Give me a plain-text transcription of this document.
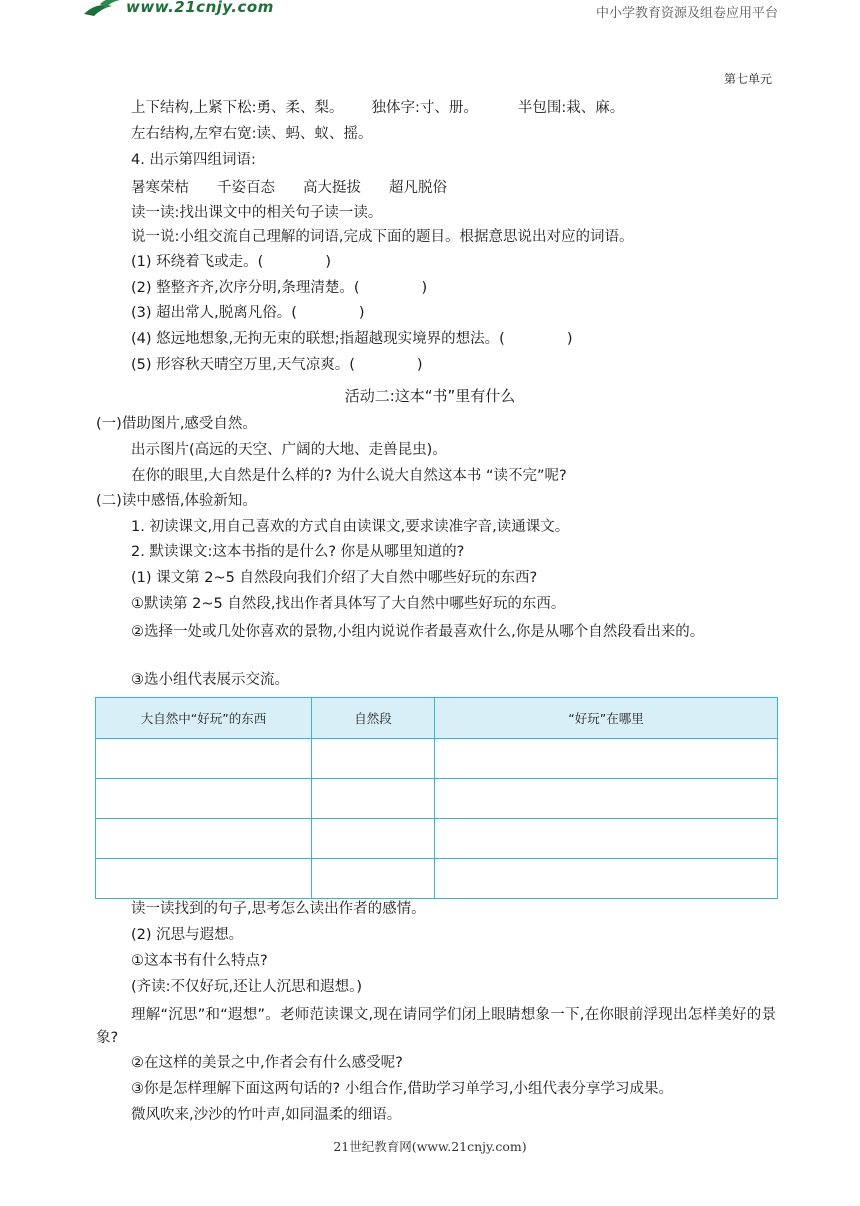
www.21cnjy.com	中小学教育资源及组卷应用平台
第七单元
上下结构,上紧下松:勇、柔、梨。 独体字:寸、册。	半包围:栽、麻。
左右结构,左窄右宽:读、蚂、蚁、摇。
4. 出示第四组词语:
暑寒荣枯 千姿百态 高大挺拔 超凡脱俗
读一读:找出课文中的相关句子读一读。
说一说:小组交流自己理解的词语,完成下面的题目。根据意思说出对应的词语。
(1) 环绕着飞或走。(	)
(2) 整整齐齐,次序分明,条理清楚。(	)
(3) 超出常人,脱离凡俗。(	)
(4) 悠远地想象,无拘无束的联想;指超越现实境界的想法。(	)
(5) 形容秋天晴空万里,天气凉爽。(	)
活动二:这本“书”里有什么
(一)借助图片,感受自然。
出示图片(高远的天空、广阔的大地、走兽昆虫)。
在你的眼里,大自然是什么样的? 为什么说大自然这本书 “读不完”呢?
(二)读中感悟,体验新知。
1. 初读课文,用自己喜欢的方式自由读课文,要求读准字音,读通课文。
2. 默读课文:这本书指的是什么? 你是从哪里知道的?
(1) 课文第 2~5 自然段向我们介绍了大自然中哪些好玩的东西?
①默读第 2~5 自然段,找出作者具体写了大自然中哪些好玩的东西。
②选择一处或几处你喜欢的景物,小组内说说作者最喜欢什么,你是从哪个自然段看出来的。
③选小组代表展示交流。
大自然中“好玩”的东西	自然段	“好玩”在哪里

读一读找到的句子,思考怎么读出作者的感情。
(2) 沉思与遐想。
①这本书有什么特点?
(齐读:不仅好玩,还让人沉思和遐想。)
理解“沉思”和“遐想”。老师范读课文,现在请同学们闭上眼睛想象一下,在你眼前浮现出怎样美好的景象?
②在这样的美景之中,作者会有什么感受呢?
③你是怎样理解下面这两句话的? 小组合作,借助学习单学习,小组代表分享学习成果。
微风吹来,沙沙的竹叶声,如同温柔的细语。
21世纪教育网(www.21cnjy.com)
